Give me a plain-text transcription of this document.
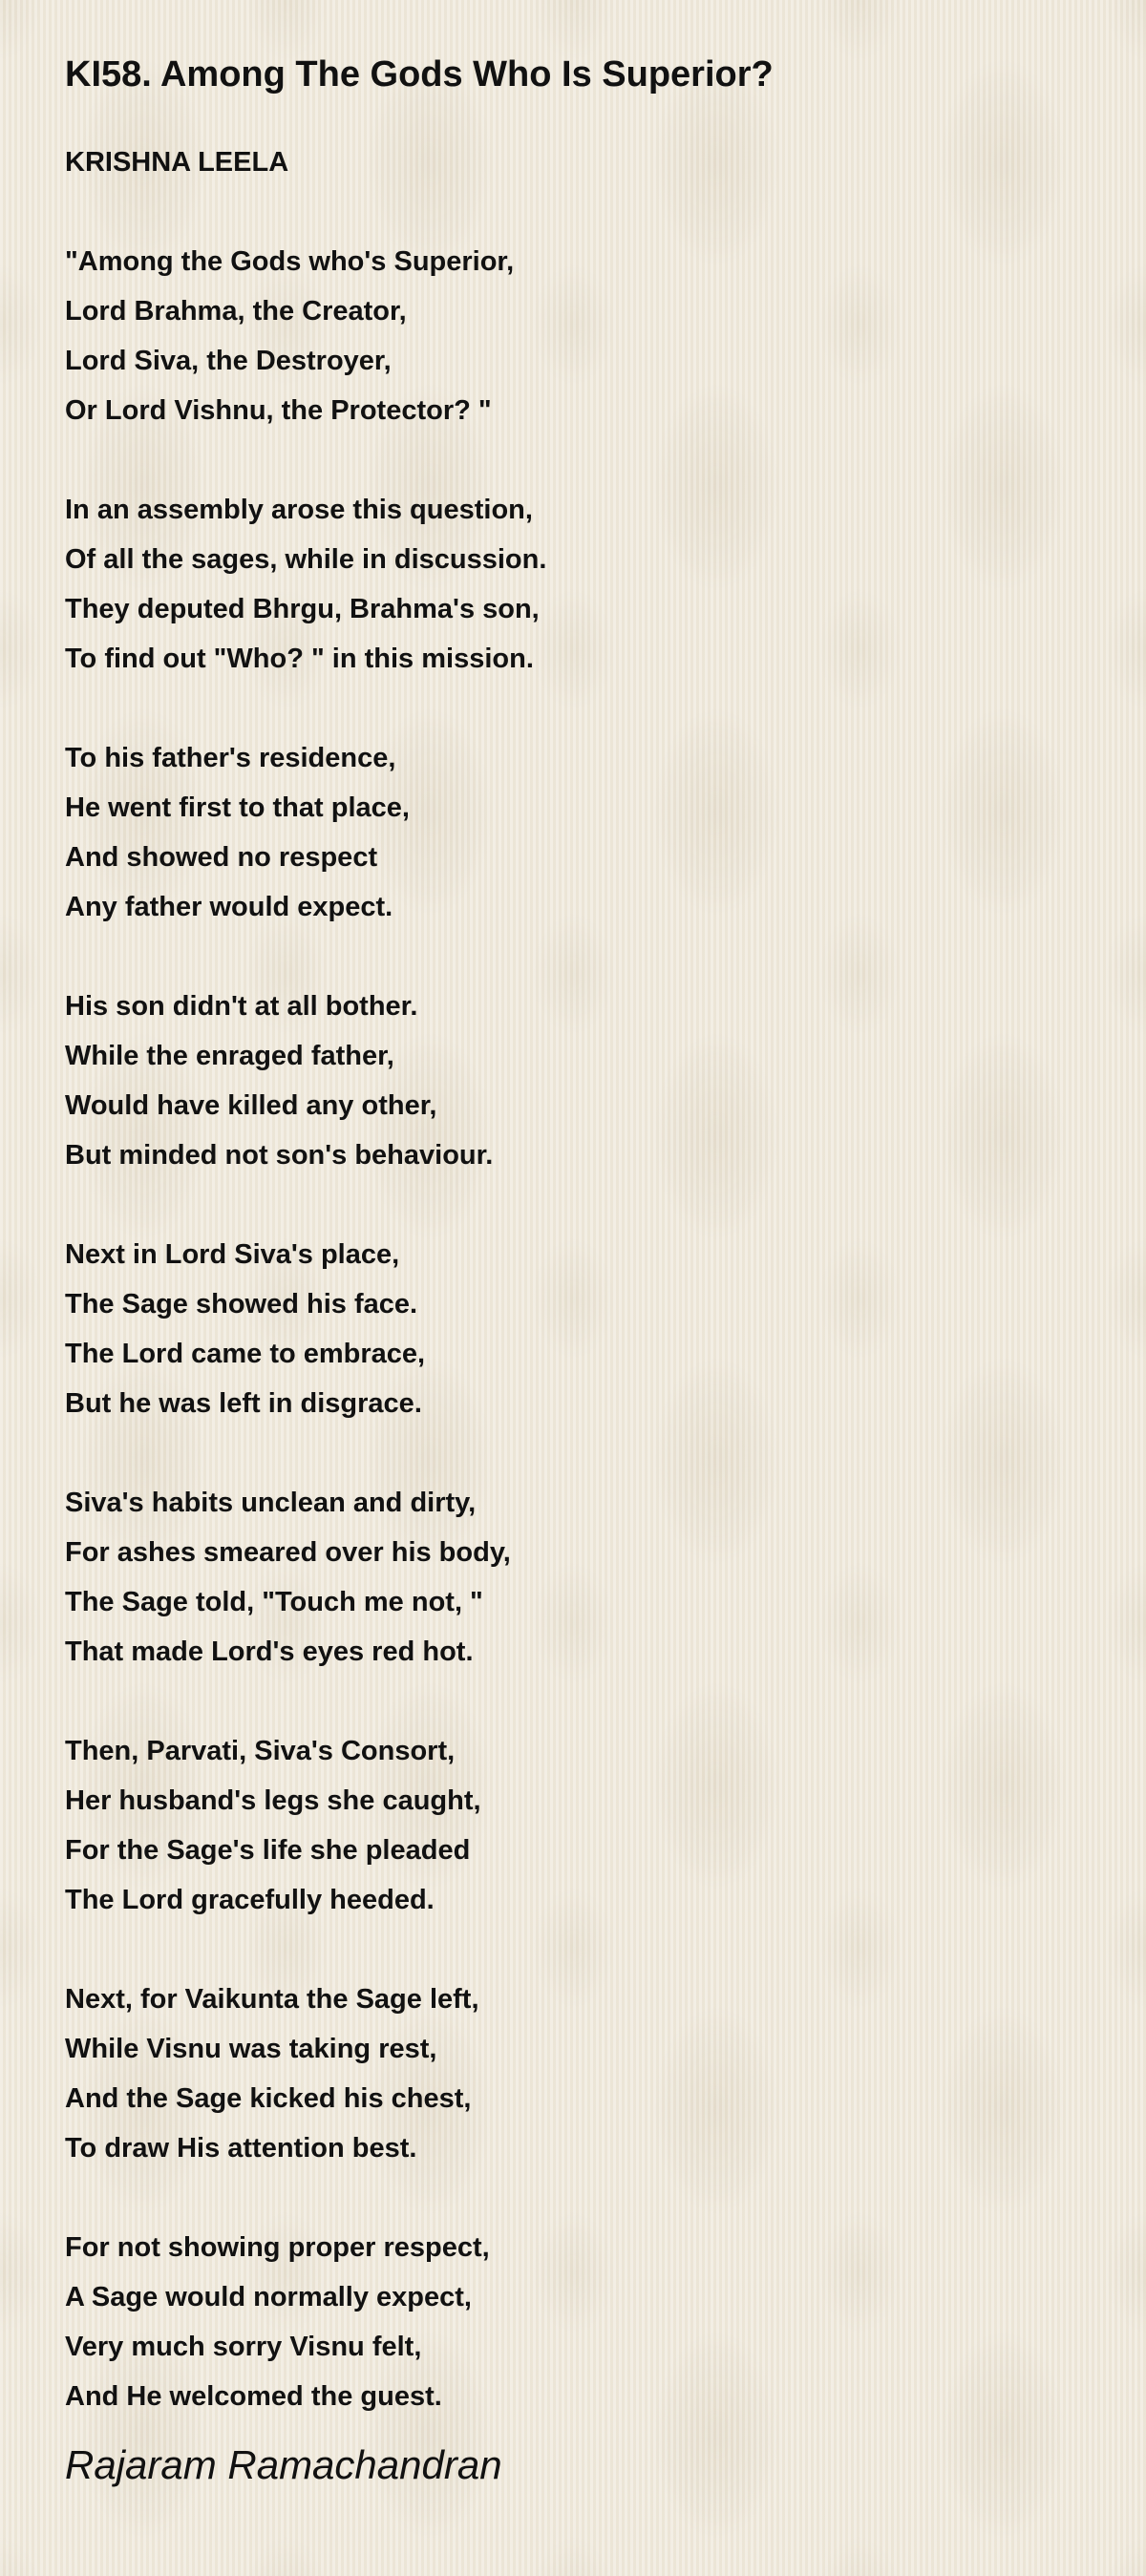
KI58. Among The Gods Who Is Superior?
KRISHNA LEELA
"Among the Gods who's Superior,
Lord Brahma, the Creator,
Lord Siva, the Destroyer,
Or Lord Vishnu, the Protector? "
In an assembly arose this question,
Of all the sages, while in discussion.
They deputed Bhrgu, Brahma's son,
To find out "Who? " in this mission.
To his father's residence,
He went first to that place,
And showed no respect
Any father would expect.
His son didn't at all bother.
While the enraged father,
Would have killed any other,
But minded not son's behaviour.
Next in Lord Siva's place,
The Sage showed his face.
The Lord came to embrace,
But he was left in disgrace.
Siva's habits unclean and dirty,
For ashes smeared over his body,
The Sage told, "Touch me not, "
That made Lord's eyes red hot.
Then, Parvati, Siva's Consort,
Her husband's legs she caught,
For the Sage's life she pleaded
The Lord gracefully heeded.
Next, for Vaikunta the Sage left,
While Visnu was taking rest,
And the Sage kicked his chest,
To draw His attention best.
For not showing proper respect,
A Sage would normally expect,
Very much sorry Visnu felt,
And He welcomed the guest.
Rajaram Ramachandran
